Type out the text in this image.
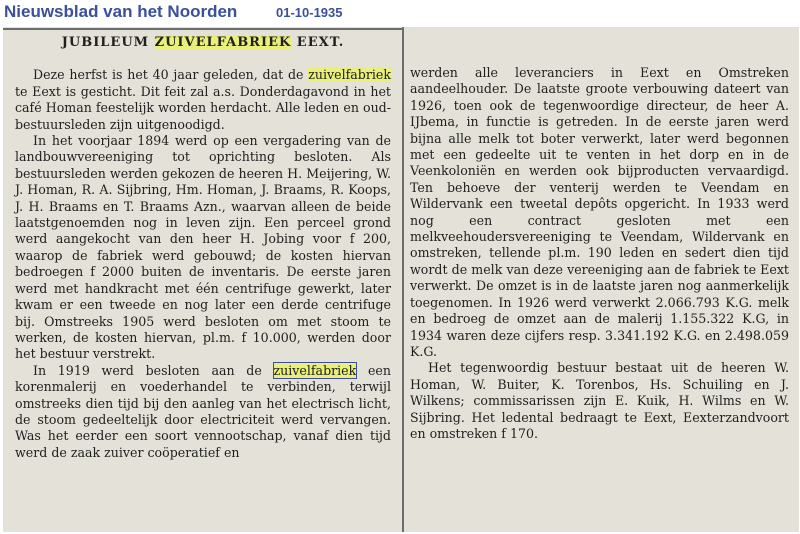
Nieuwsblad van het Noorden	01-10-1935
JUBILEUM ZUIVELFABRIEK EEXT.

Deze herfst is het 40 jaar geleden, dat de zuivelfabriek te Eext is gesticht. Dit feit zal a.s. Donderdagavond in het café Homan feestelijk worden herdacht. Alle leden en oud-bestuursleden zijn uitgenoodigd.

In het voorjaar 1894 werd op een vergadering van de landbouwvereeniging tot oprichting besloten. Als bestuursleden werden gekozen de heeren H. Meijering, W. J. Homan, R. A. Sijbring, Hm. Homan, J. Braams, R. Koops, J. H. Braams en T. Braams Azn., waarvan alleen de beide laatstgenoemden nog in leven zijn. Een perceel grond werd aangekocht van den heer H. Jobing voor f 200, waarop de fabriek werd gebouwd; de kosten hiervan bedroegen f 2000 buiten de inventaris. De eerste jaren werd met handkracht met één centrifuge gewerkt, later kwam er een tweede en nog later een derde centrifuge bij. Omstreeks 1905 werd besloten om met stoom te werken, de kosten hiervan, pl.m. f 10.000, werden door het bestuur verstrekt.

In 1919 werd besloten aan de zuivelfabriek een korenmalerij en voederhandel te verbinden, terwijl omstreeks dien tijd bij den aanleg van het electrisch licht, de stoom gedeeltelijk door electriciteit werd vervangen. Was het eerder een soort vennootschap, vanaf dien tijd werd de zaak zuiver coöperatief en

werden alle leveranciers in Eext en Omstreken aandeelhouder. De laatste groote verbouwing dateert van 1926, toen ook de tegenwoordige directeur, de heer A. IJbema, in functie is getreden. In de eerste jaren werd bijna alle melk tot boter verwerkt, later werd begonnen met een gedeelte uit te venten in het dorp en in de Veenkoloniën en werden ook bijproducten vervaardigd. Ten behoeve der venterij werden te Veendam en Wildervank een tweetal depôts opgericht. In 1933 werd nog een contract gesloten met een melkveehoudersvereeniging te Veendam, Wildervank en omstreken, tellende pl.m. 190 leden en sedert dien tijd wordt de melk van deze vereeniging aan de fabriek te Eext verwerkt. De omzet is in de laatste jaren nog aanmerkelijk toegenomen. In 1926 werd verwerkt 2.066.793 K.G. melk en bedroeg de omzet aan de malerij 1.155.322 K.G, in 1934 waren deze cijfers resp. 3.341.192 K.G. en 2.498.059 K.G.

Het tegenwoordig bestuur bestaat uit de heeren W. Homan, W. Buiter, K. Torenbos, Hs. Schuiling en J. Wilkens; commissarissen zijn E. Kuik, H. Wilms en W. Sijbring. Het ledental bedraagt te Eext, Eexterzandvoort en omstreken f 170.
